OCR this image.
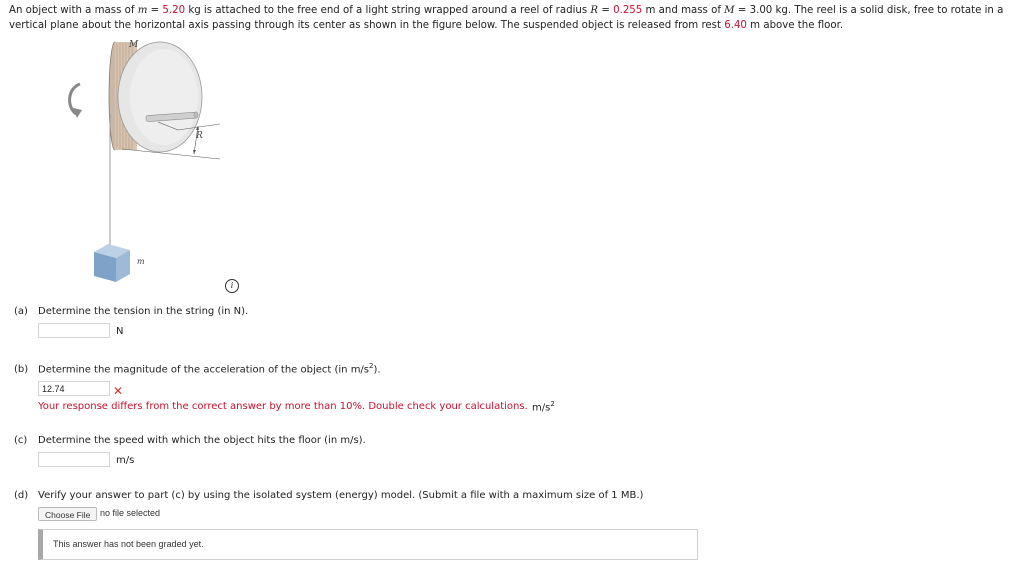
An object with a mass of m = 5.20 kg is attached to the free end of a light string wrapped around a reel of radius R = 0.255 m and mass of M = 3.00 kg. The reel is a solid disk, free to rotate in a vertical plane about the horizontal axis passing through its center as shown in the figure below. The suspended object is released from rest 6.40 m above the floor.
M
R
m
i
(a) Determine the tension in the string (in N).
N
(b) Determine the magnitude of the acceleration of the object (in $m/s^2$).
12.74	✕
Your response differs from the correct answer by more than 10%. Double check your calculations. $m/s^2$
(c) Determine the speed with which the object hits the floor (in m/s).
m/s
(d) Verify your answer to part (c) by using the isolated system (energy) model. (Submit a file with a maximum size of 1 MB.)
Choose File	no file selected
This answer has not been graded yet.
